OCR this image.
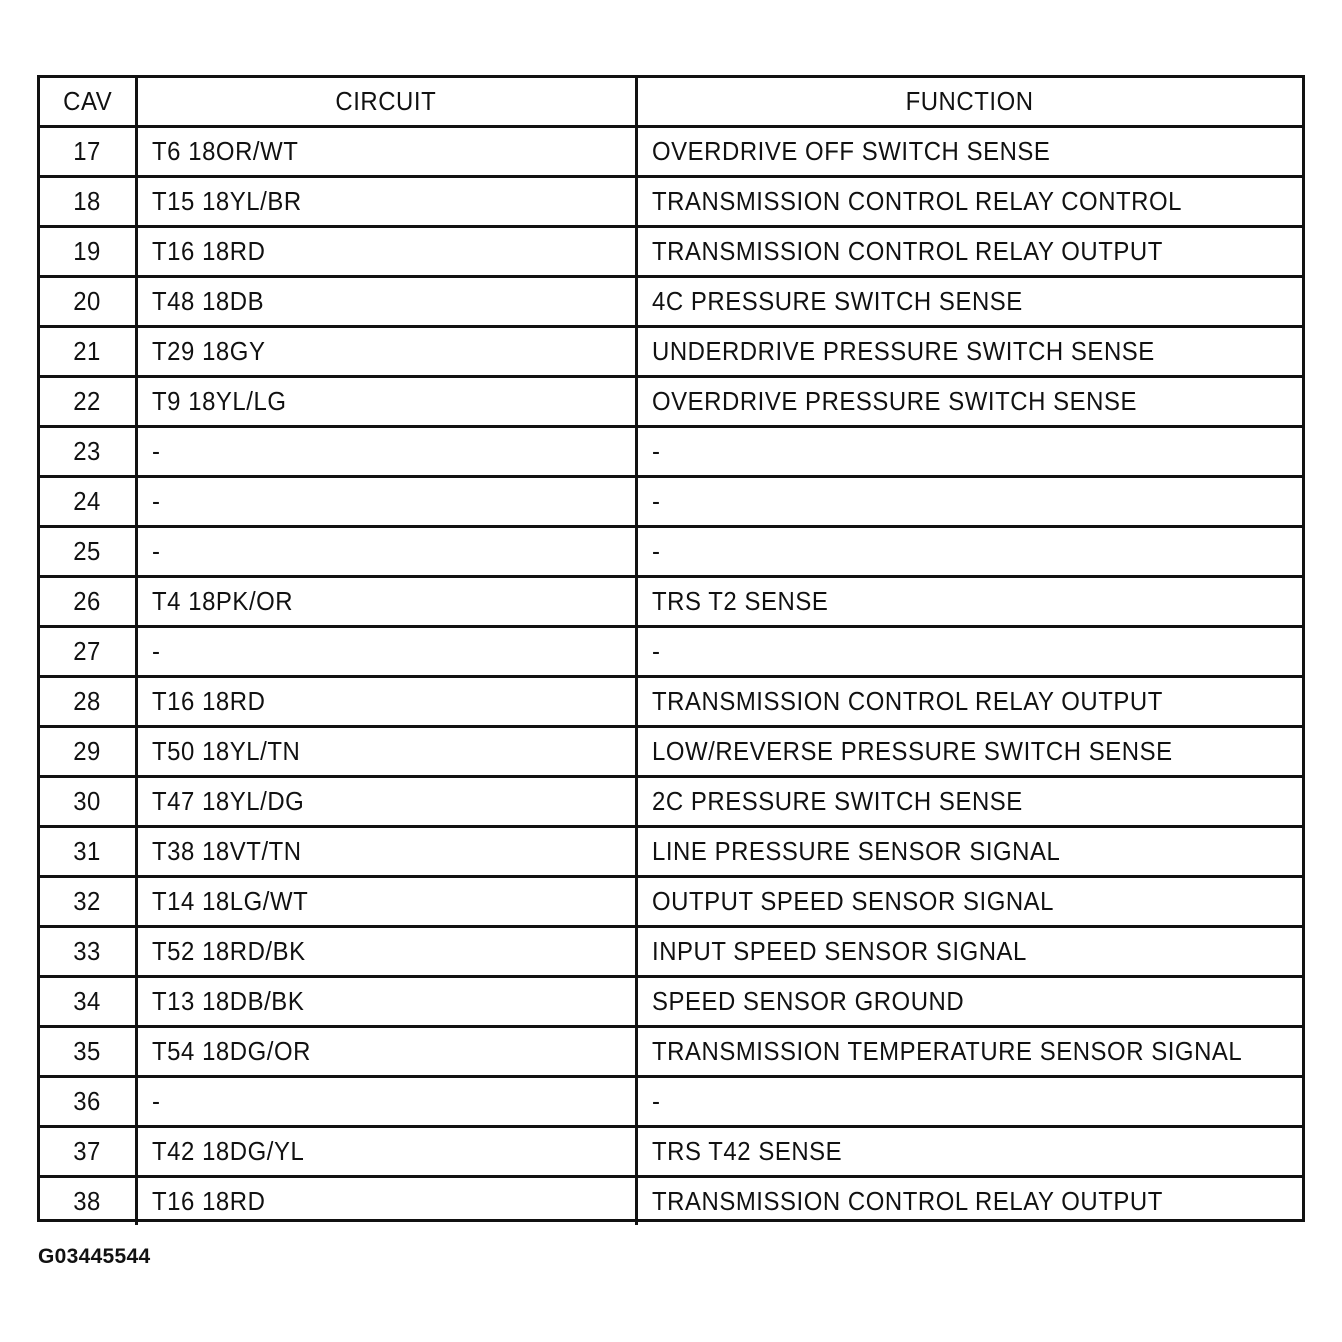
CAV	CIRCUIT	FUNCTION
17	T6 18OR/WT	OVERDRIVE OFF SWITCH SENSE
18	T15 18YL/BR	TRANSMISSION CONTROL RELAY CONTROL
19	T16 18RD	TRANSMISSION CONTROL RELAY OUTPUT
20	T48 18DB	4C PRESSURE SWITCH SENSE
21	T29 18GY	UNDERDRIVE PRESSURE SWITCH SENSE
22	T9 18YL/LG	OVERDRIVE PRESSURE SWITCH SENSE
23	-	-
24	-	-
25	-	-
26	T4 18PK/OR	TRS T2 SENSE
27	-	-
28	T16 18RD	TRANSMISSION CONTROL RELAY OUTPUT
29	T50 18YL/TN	LOW/REVERSE PRESSURE SWITCH SENSE
30	T47 18YL/DG	2C PRESSURE SWITCH SENSE
31	T38 18VT/TN	LINE PRESSURE SENSOR SIGNAL
32	T14 18LG/WT	OUTPUT SPEED SENSOR SIGNAL
33	T52 18RD/BK	INPUT SPEED SENSOR SIGNAL
34	T13 18DB/BK	SPEED SENSOR GROUND
35	T54 18DG/OR	TRANSMISSION TEMPERATURE SENSOR SIGNAL
36	-	-
37	T42 18DG/YL	TRS T42 SENSE
38	T16 18RD	TRANSMISSION CONTROL RELAY OUTPUT
G03445544
